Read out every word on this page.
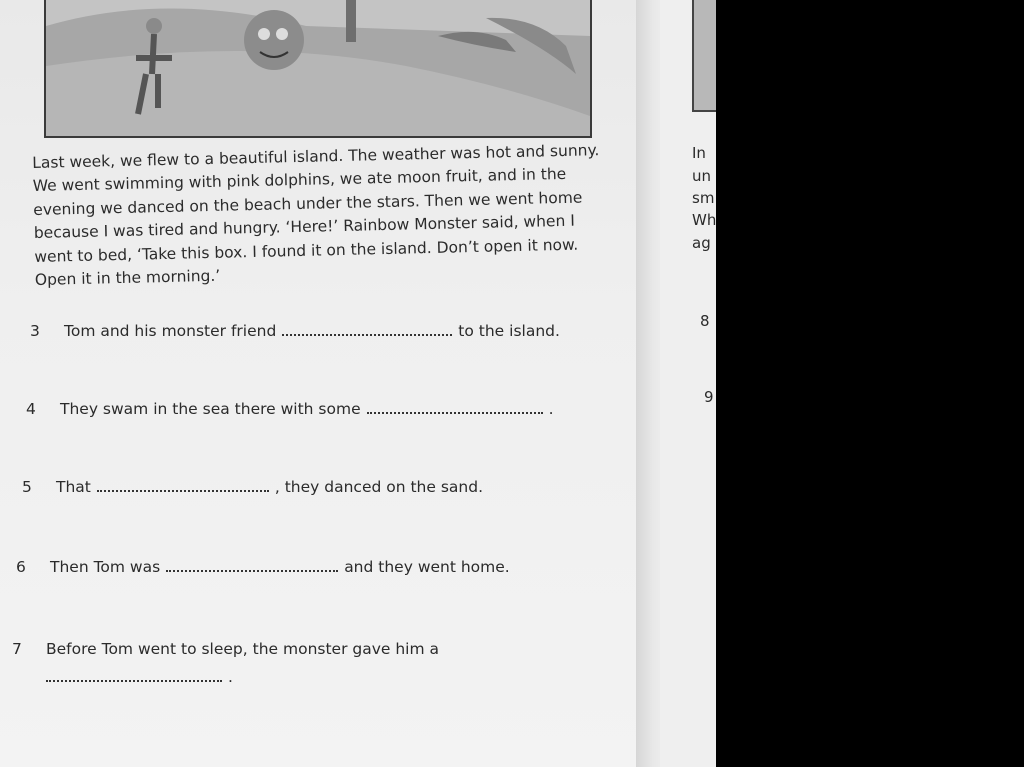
Last week, we flew to a beautiful island. The weather was hot and sunny.

We went swimming with pink dolphins, we ate moon fruit, and in the

evening we danced on the beach under the stars. Then we went home

because I was tired and hungry. ‘Here!’ Rainbow Monster said, when I

went to bed, ‘Take this box. I found it on the island. Don’t open it now.

Open it in the morning.’

3 Tom and his monster friend	to the island.
4 They swam in the sea there with some	.
5 That	, they danced on the sand.
6 Then Tom was	and they went home.
7 Before Tom went to sleep, the monster gave him a
.
In
un
sm
Wh
ag
8
9
